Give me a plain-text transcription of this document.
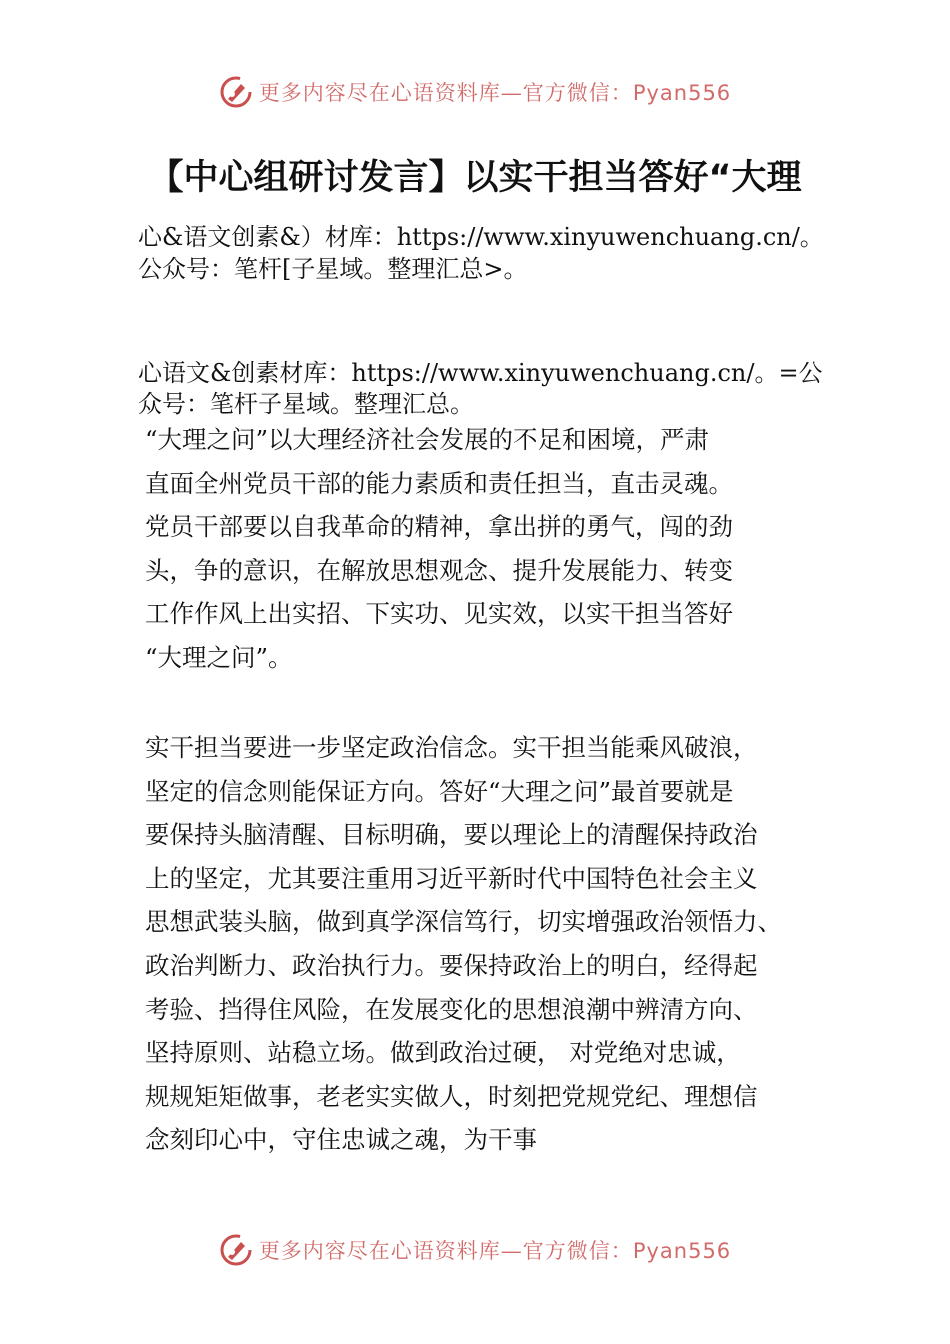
更多内容尽在心语资料库—官方微信：Pyan556
【中心组研讨发言】以实干担当答好“大理
心&语文创素&）材库：https://www.xinyuwenchuang.cn/。
公众号：笔杆[子星域。整理汇总>。
心语文&创素材库：https://www.xinyuwenchuang.cn/。=公
众号：笔杆子星域。整理汇总。
“大理之问”以大理经济社会发展的不足和困境，严肃
直面全州党员干部的能力素质和责任担当，直击灵魂。
党员干部要以自我革命的精神，拿出拼的勇气，闯的劲
头，争的意识，在解放思想观念、提升发展能力、转变
工作作风上出实招、下实功、见实效，以实干担当答好
“大理之问”。
实干担当要进一步坚定政治信念。实干担当能乘风破浪，
坚定的信念则能保证方向。答好“大理之问”最首要就是
要保持头脑清醒、目标明确，要以理论上的清醒保持政治
上的坚定，尤其要注重用习近平新时代中国特色社会主义
思想武装头脑，做到真学深信笃行，切实增强政治领悟力、
政治判断力、政治执行力。要保持政治上的明白，经得起
考验、挡得住风险，在发展变化的思想浪潮中辨清方向、
坚持原则、站稳立场。做到政治过硬， 对党绝对忠诚，
规规矩矩做事，老老实实做人，时刻把党规党纪、理想信
念刻印心中，守住忠诚之魂，为干事
更多内容尽在心语资料库—官方微信：Pyan556
